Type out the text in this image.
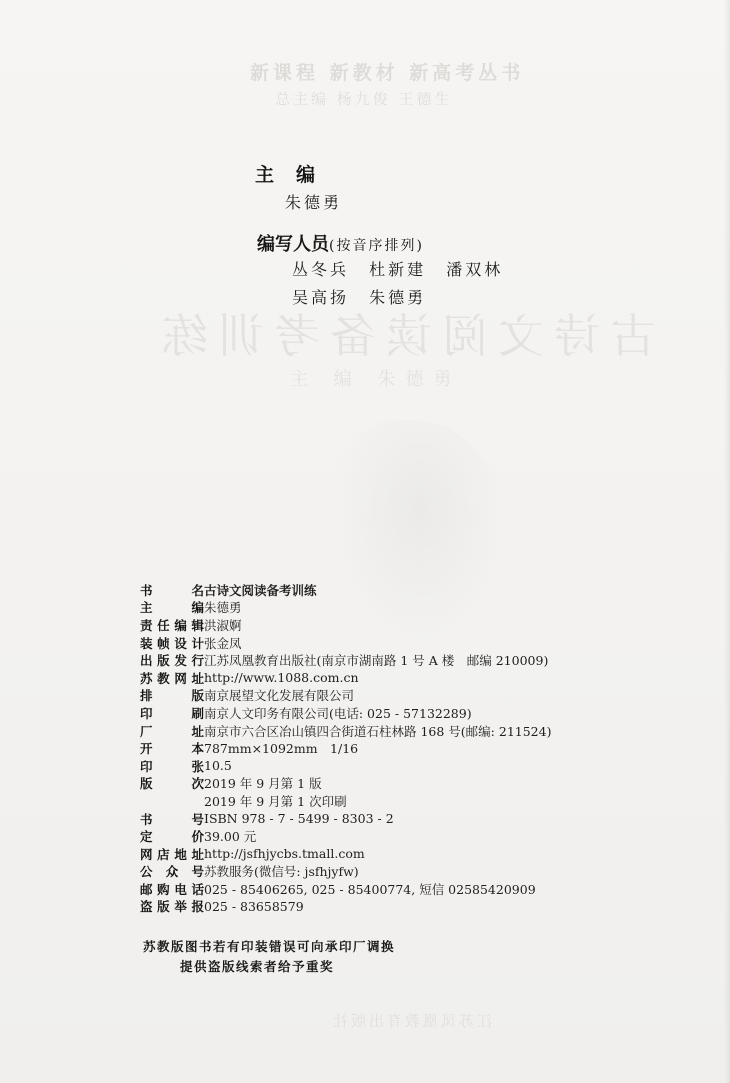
新课程 新教材 新高考丛书
总主编 杨九俊 王德生
古诗文阅读备考训练
主 编 朱德勇
江苏凤凰教育出版社
主编
朱德勇
编写人员(按音序排列)
丛冬兵 杜新建 潘双林
吴高扬 朱德勇
书名 古诗文阅读备考训练
主编 朱德勇
责任编辑 洪淑婀
装帧设计 张金凤
出版发行 江苏凤凰教育出版社(南京市湖南路 1 号 A 楼　邮编 210009)
苏教网址 http://www.1088.com.cn
排版 南京展望文化发展有限公司
印刷 南京人文印务有限公司(电话: 025 - 57132289)
厂址 南京市六合区冶山镇四合街道石柱林路 168 号(邮编: 211524)
开本 787mm×1092mm　1/16
印张 10.5
版次 2019 年 9 月第 1 版
2019 年 9 月第 1 次印刷
书号 ISBN 978 - 7 - 5499 - 8303 - 2
定价 39.00 元
网店地址 http://jsfhjycbs.tmall.com
公众号 苏教服务(微信号: jsfhjyfw)
邮购电话 025 - 85406265, 025 - 85400774, 短信 02585420909
盗版举报 025 - 83658579
苏教版图书若有印装错误可向承印厂调换
提供盗版线索者给予重奖
